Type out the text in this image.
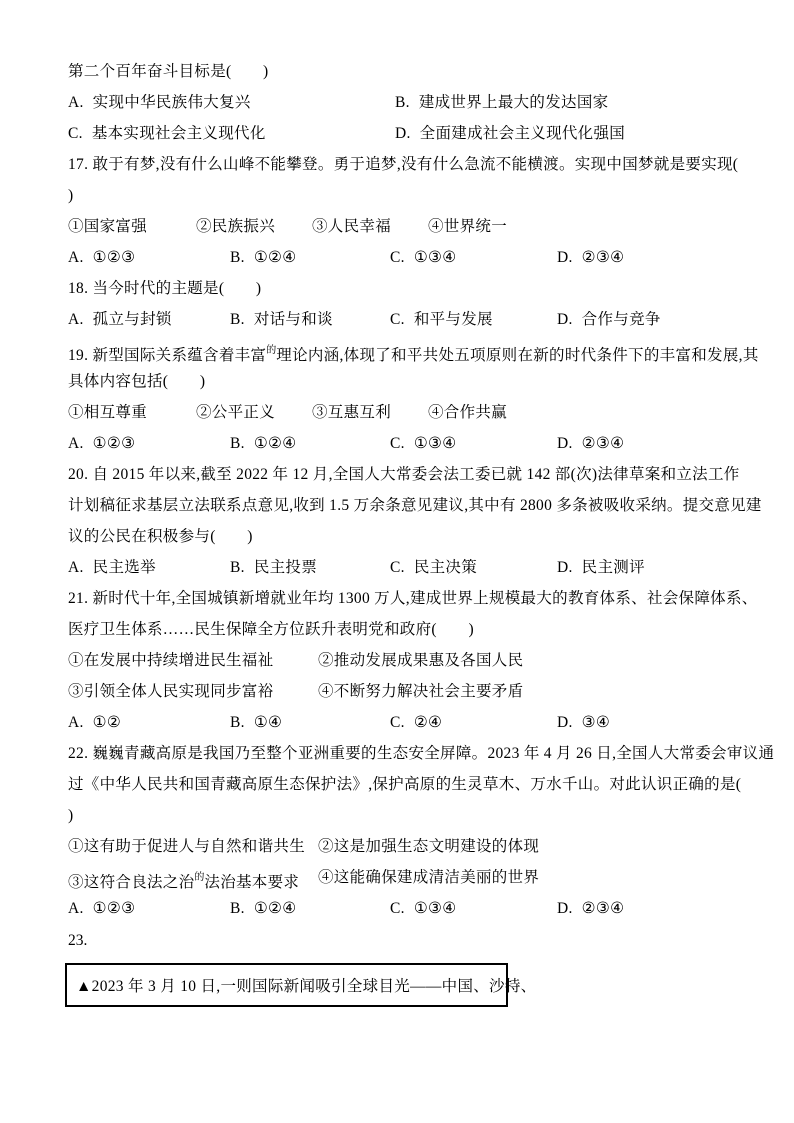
第二个百年奋斗目标是(　　)
A. 实现中华民族伟大复兴	B. 建成世界上最大的发达国家
C. 基本实现社会主义现代化	D. 全面建成社会主义现代化强国
17. 敢于有梦,没有什么山峰不能攀登。勇于追梦,没有什么急流不能横渡。实现中国梦就是要实现(
)
①国家富强	②民族振兴	③人民幸福	④世界统一
A. ①②③	B. ①②④	C. ①③④	D. ②③④
18. 当今时代的主题是(　　)
A. 孤立与封锁	B. 对话与和谈	C. 和平与发展	D. 合作与竞争
19. 新型国际关系蕴含着丰富$^的$理论内涵,体现了和平共处五项原则在新的时代条件下的丰富和发展,其
具体内容包括(　　)
①相互尊重	②公平正义	③互惠互利	④合作共赢
A. ①②③	B. ①②④	C. ①③④	D. ②③④
20. 自 2015 年以来,截至 2022 年 12 月,全国人大常委会法工委已就 142 部(次)法律草案和立法工作
计划稿征求基层立法联系点意见,收到 1.5 万余条意见建议,其中有 2800 多条被吸收采纳。提交意见建
议的公民在积极参与(　　)
A. 民主选举	B. 民主投票	C. 民主决策	D. 民主测评
21. 新时代十年,全国城镇新增就业年均 1300 万人,建成世界上规模最大的教育体系、社会保障体系、
医疗卫生体系……民生保障全方位跃升表明党和政府(　　)
①在发展中持续增进民生福祉	②推动发展成果惠及各国人民
③引领全体人民实现同步富裕	④不断努力解决社会主要矛盾
A. ①②	B. ①④	C. ②④	D. ③④
22. 巍巍青藏高原是我国乃至整个亚洲重要的生态安全屏障。2023 年 4 月 26 日,全国人大常委会审议通
过《中华人民共和国青藏高原生态保护法》,保护高原的生灵草木、万水千山。对此认识正确的是(
)
①这有助于促进人与自然和谐共生 ②这是加强生态文明建设的体现
③这符合良法之治$^的$法治基本要求	④这能确保建成清洁美丽的世界
A. ①②③	B. ①②④	C. ①③④	D. ②③④
23.
▲2023 年 3 月 10 日,一则国际新闻吸引全球目光——中国、沙特、
